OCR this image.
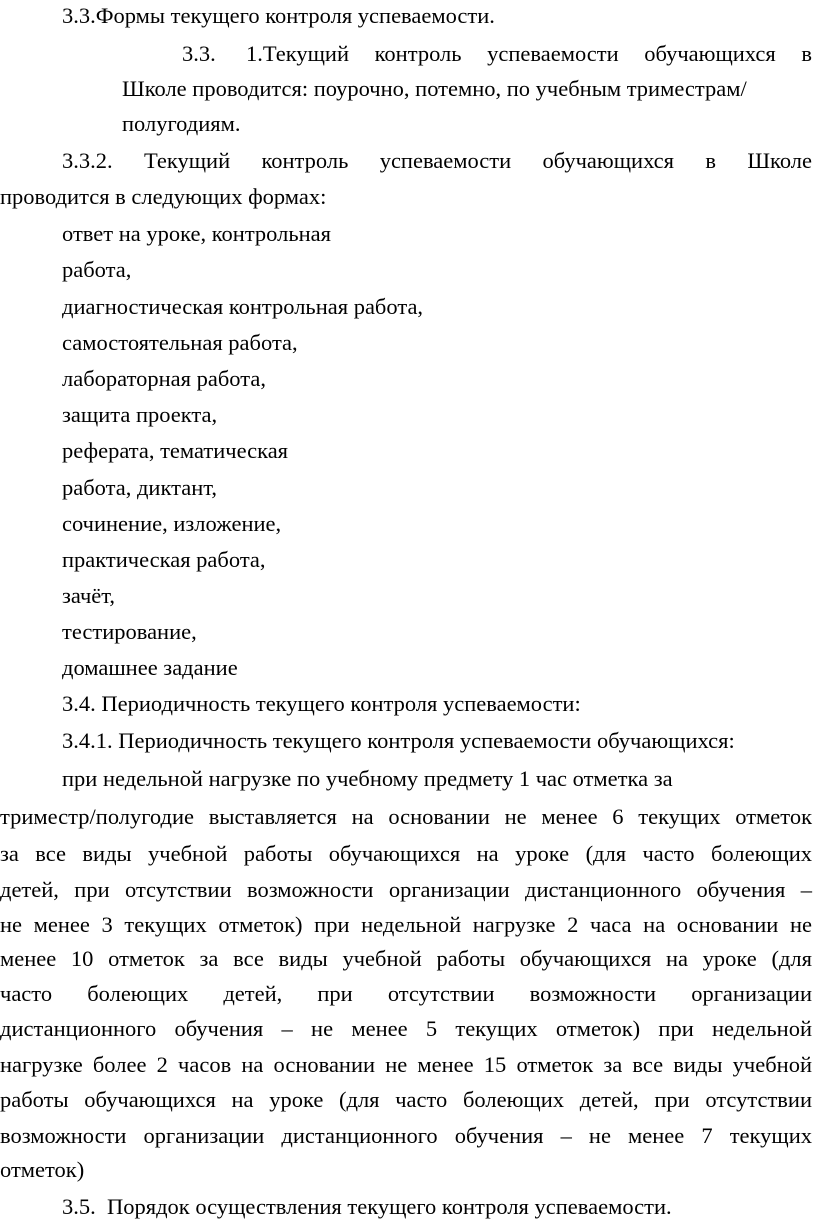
3.3.Формы текущего контроля успеваемости.
3.3. 1.Текущий контроль успеваемости обучающихся в
Школе проводится: поурочно, потемно, по учебным триместрам/
полугодиям.
3.3.2. Текущий контроль успеваемости обучающихся в Школе
проводится в следующих формах:
ответ на уроке, контрольная
работа,
диагностическая контрольная работа,
самостоятельная работа,
лабораторная работа,
защита проекта,
реферата, тематическая
работа, диктант,
сочинение, изложение,
практическая работа,
зачёт,
тестирование,
домашнее задание
3.4. Периодичность текущего контроля успеваемости:
3.4.1. Периодичность текущего контроля успеваемости обучающихся:
при недельной нагрузке по учебному предмету 1 час отметка за
триместр/полугодие выставляется на основании не менее 6 текущих отметок
за все виды учебной работы обучающихся на уроке (для часто болеющих
детей, при отсутствии возможности организации дистанционного обучения –
не менее 3 текущих отметок) при недельной нагрузке 2 часа на основании не
менее 10 отметок за все виды учебной работы обучающихся на уроке (для
часто болеющих детей, при отсутствии возможности организации
дистанционного обучения – не менее 5 текущих отметок) при недельной
нагрузке более 2 часов на основании не менее 15 отметок за все виды учебной
работы обучающихся на уроке (для часто болеющих детей, при отсутствии
возможности организации дистанционного обучения – не менее 7 текущих
отметок)
3.5.  Порядок осуществления текущего контроля успеваемости.
